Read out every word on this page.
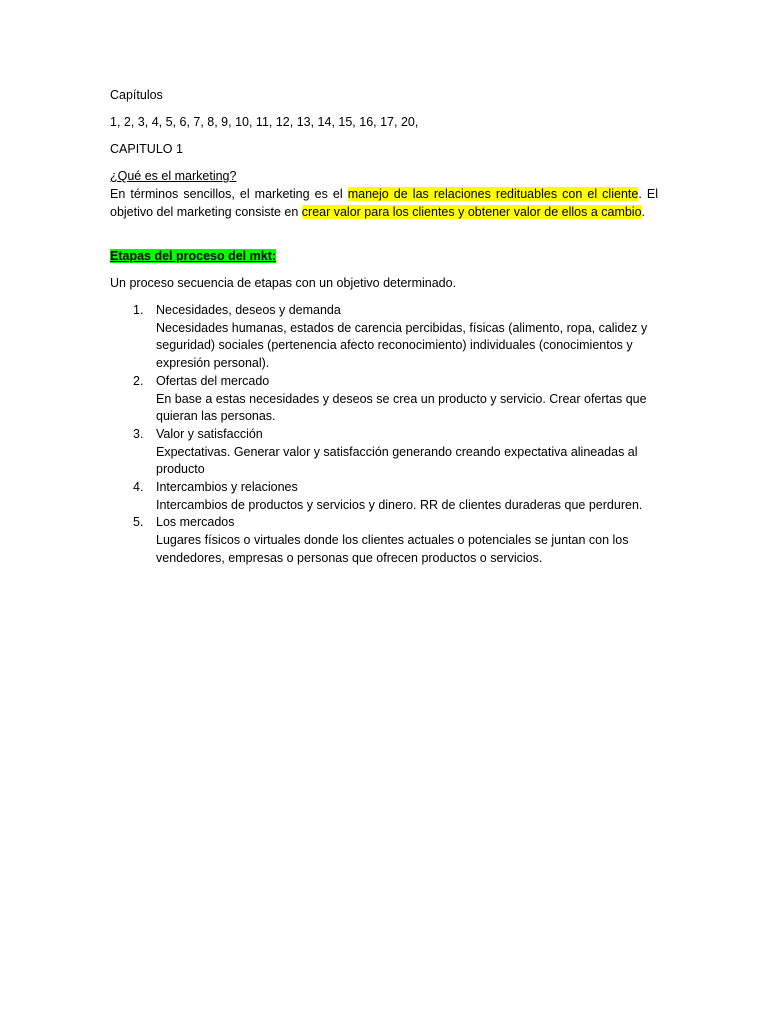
Capítulos

1, 2, 3, 4, 5, 6, 7, 8, 9, 10, 11, 12, 13, 14, 15, 16, 17, 20,

CAPITULO 1

¿Qué es el marketing?

En términos sencillos, el marketing es el manejo de las relaciones redituables con el cliente. El objetivo del marketing consiste en crear valor para los clientes y obtener valor de ellos a cambio.

Etapas del proceso del mkt:

Un proceso secuencia de etapas con un objetivo determinado.

1. Necesidades, deseos y demanda
Necesidades humanas, estados de carencia percibidas, físicas (alimento, ropa, calidez y seguridad) sociales (pertenencia afecto reconocimiento) individuales (conocimientos y expresión personal).
2. Ofertas del mercado
En base a estas necesidades y deseos se crea un producto y servicio. Crear ofertas que quieran las personas.
3. Valor y satisfacción
Expectativas. Generar valor y satisfacción generando creando expectativa alineadas al producto
4. Intercambios y relaciones
Intercambios de productos y servicios y dinero. RR de clientes duraderas que perduren.
5. Los mercados
Lugares físicos o virtuales donde los clientes actuales o potenciales se juntan con los vendedores, empresas o personas que ofrecen productos o servicios.
